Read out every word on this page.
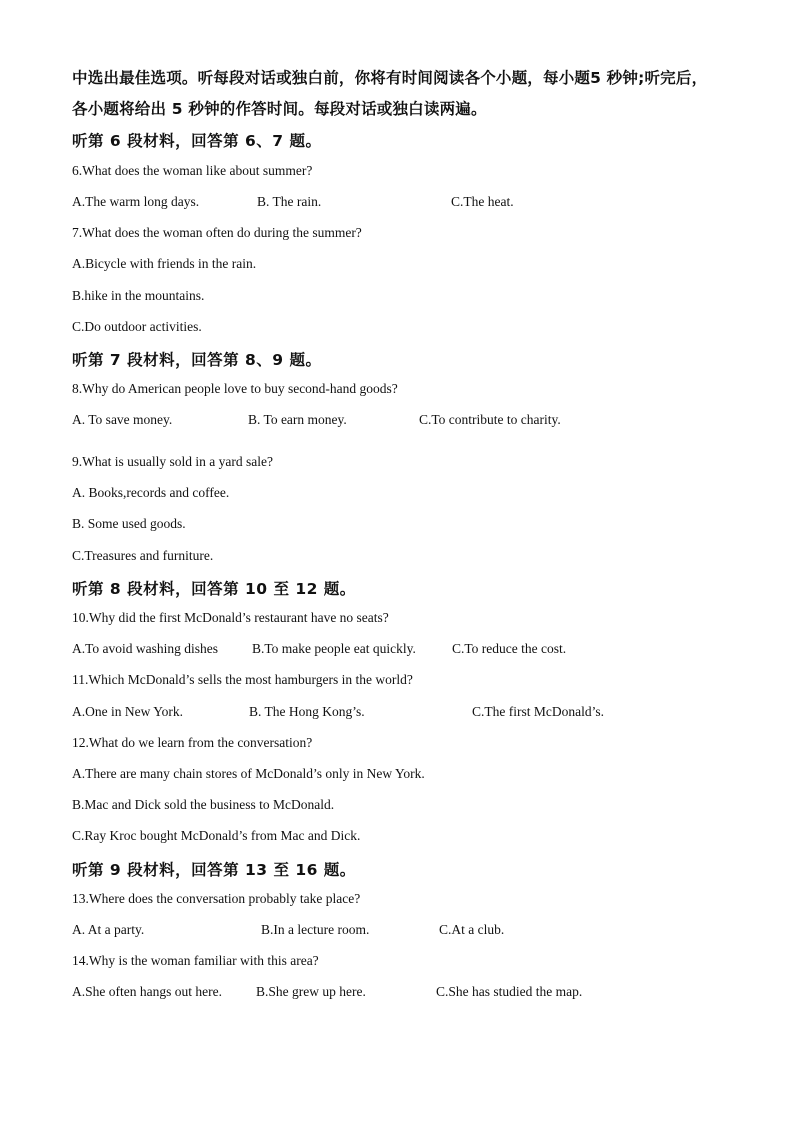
中选出最佳选项。听每段对话或独白前，你将有时间阅读各个小题，每小题5 秒钟;听完后，
各小题将给出 5 秒钟的作答时间。每段对话或独白读两遍。
听第 6 段材料，回答第 6、7 题。
6.What does the woman like about summer?
A.The warm long days.	B. The rain.	C.The heat.
7.What does the woman often do during the summer?
A.Bicycle with friends in the rain.
B.hike in the mountains.
C.Do outdoor activities.
听第 7 段材料，回答第 8、9 题。
8.Why do American people love to buy second-hand goods?
A. To save money.	B. To earn money.	C.To contribute to charity.
9.What is usually sold in a yard sale?
A. Books,records and coffee.
B. Some used goods.
C.Treasures and furniture.
听第 8 段材料，回答第 10 至 12 题。
10.Why did the first McDonald’s restaurant have no seats?
A.To avoid washing dishes	B.To make people eat quickly.	C.To reduce the cost.
11.Which McDonald’s sells the most hamburgers in the world?
A.One in New York.	B. The Hong Kong’s.	C.The first McDonald’s.
12.What do we learn from the conversation?
A.There are many chain stores of McDonald’s only in New York.
B.Mac and Dick sold the business to McDonald.
C.Ray Kroc bought McDonald’s from Mac and Dick.
听第 9 段材料，回答第 13 至 16 题。
13.Where does the conversation probably take place?
A. At a party.	B.In a lecture room.	C.At a club.
14.Why is the woman familiar with this area?
A.She often hangs out here.	B.She grew up here.	C.She has studied the map.
